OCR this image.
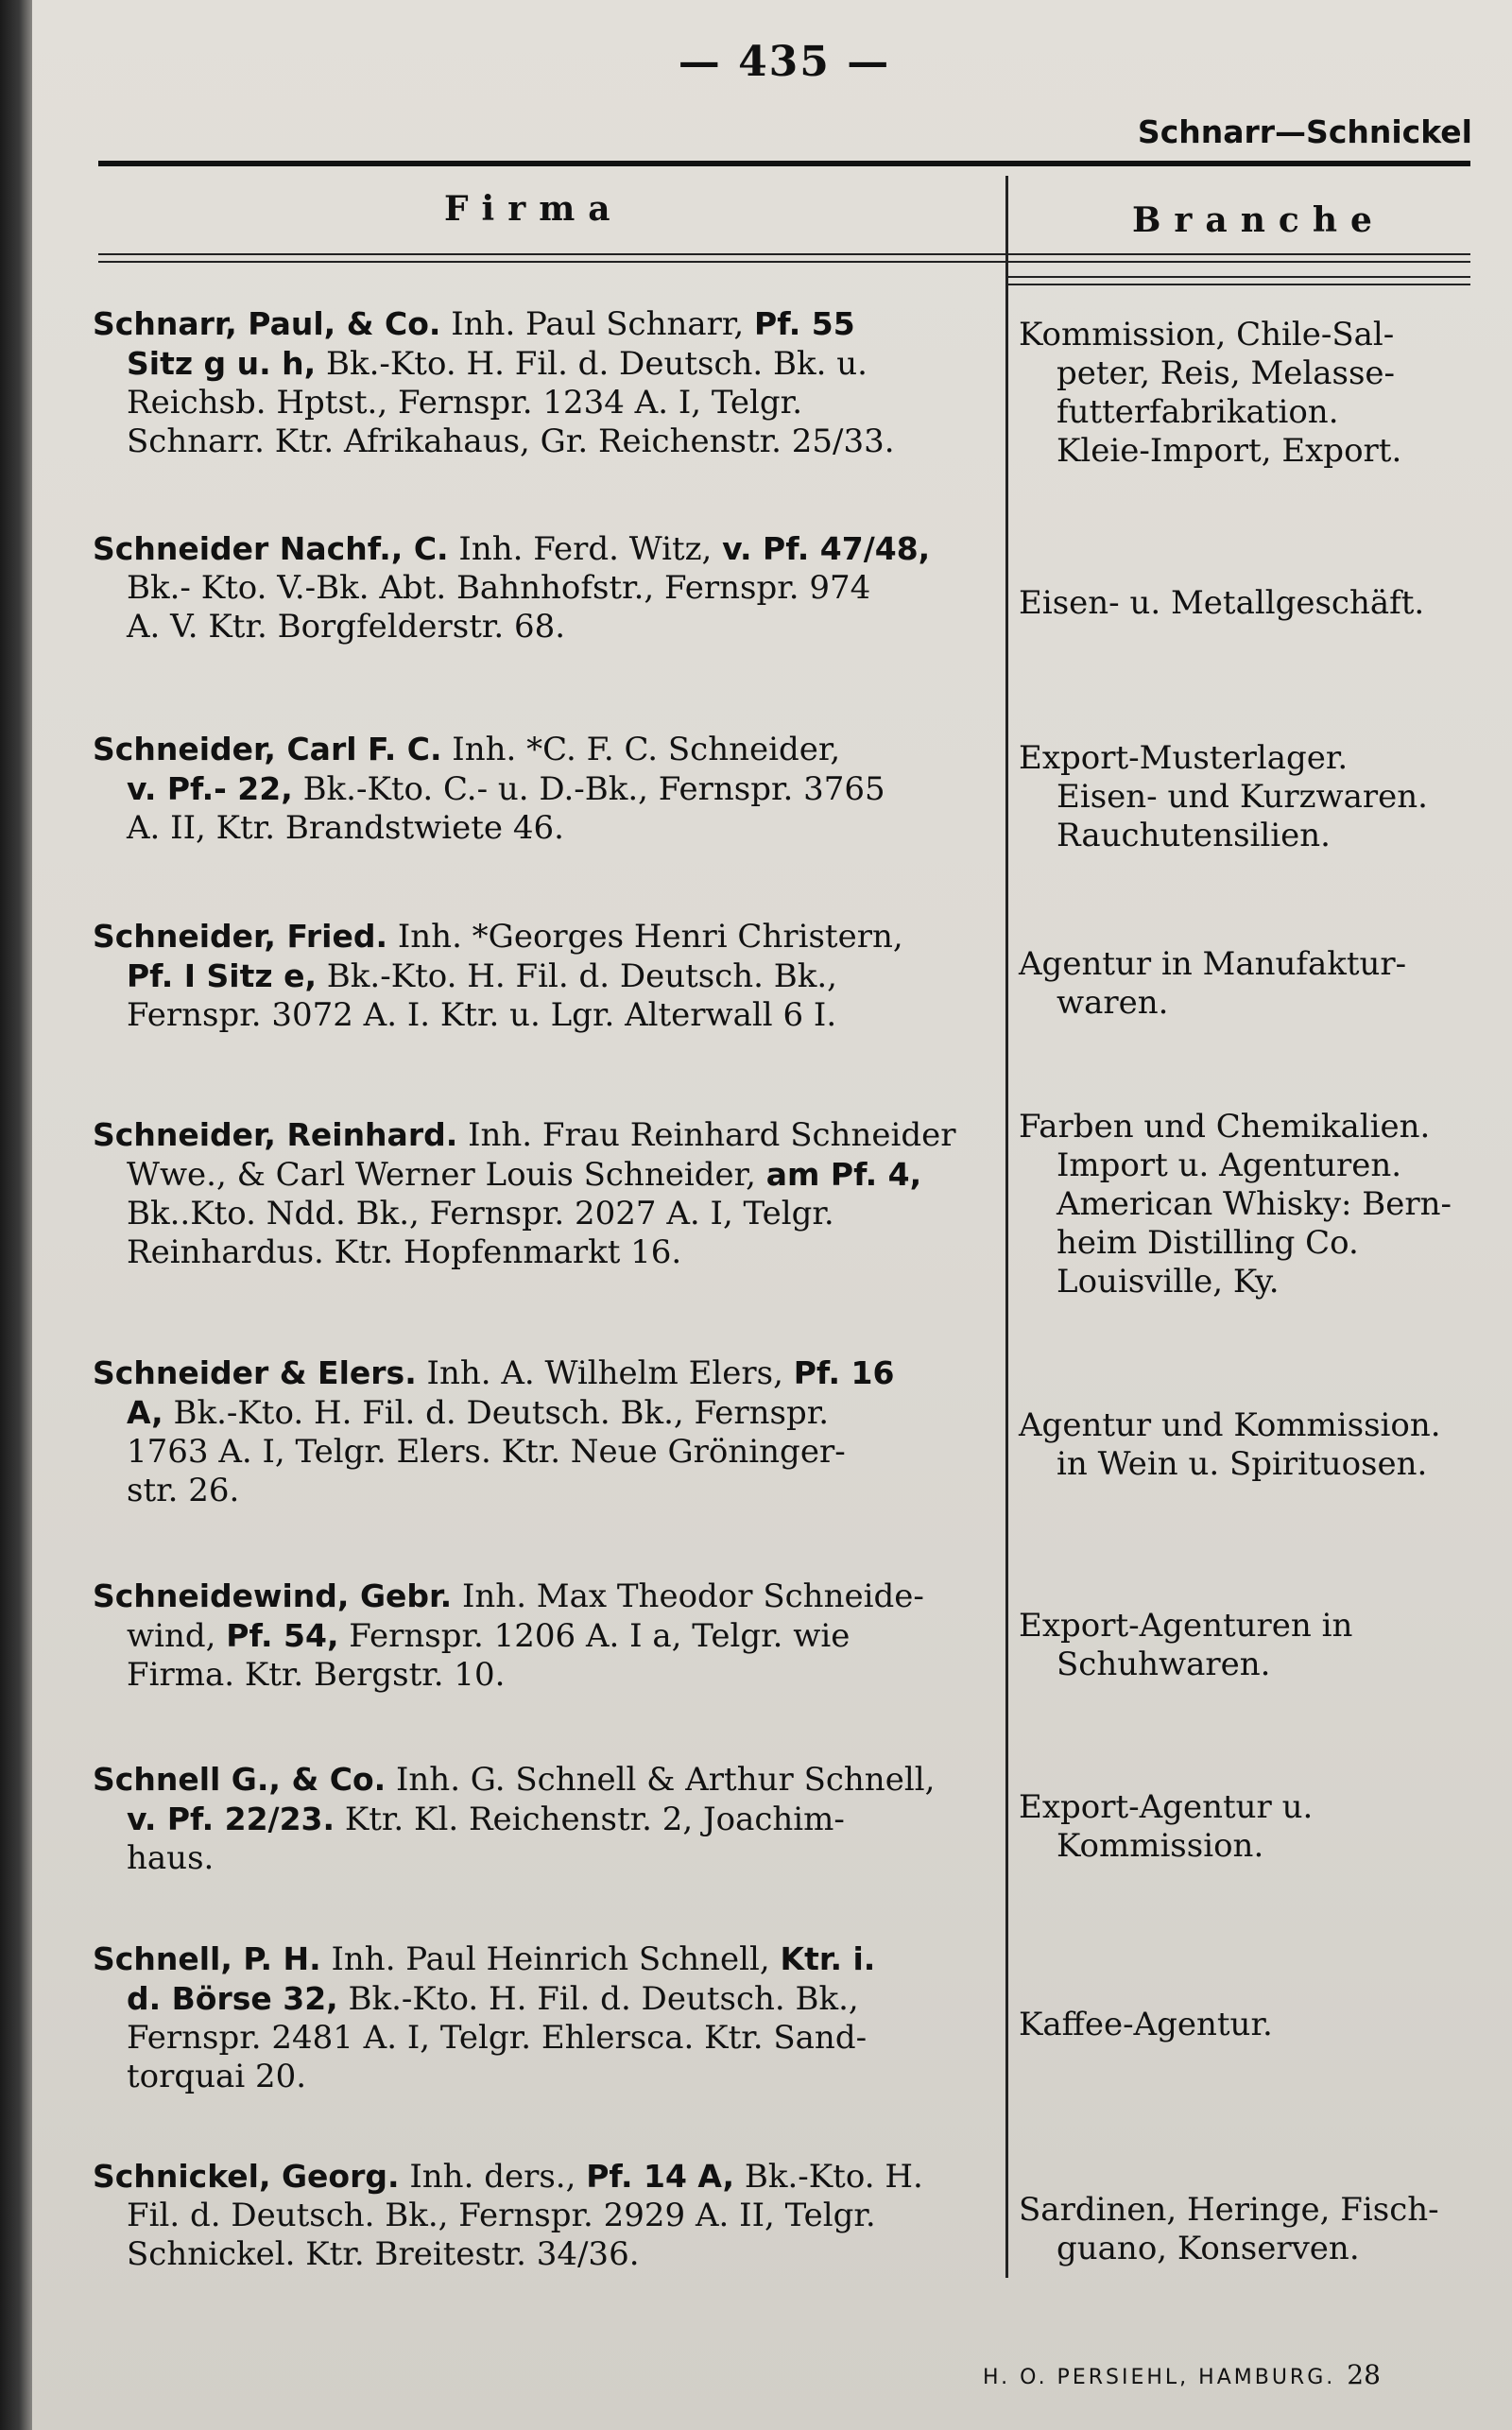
— 435 —
Schnarr—Schnickel
Firma	Branche
Schnarr, Paul, & Co. Inh. Paul Schnarr, Pf. 55
Sitz g u. h, Bk.-Kto. H. Fil. d. Deutsch. Bk. u.
Reichsb. Hptst., Fernspr. 1234 A. I, Telgr.
Schnarr. Ktr. Afrikahaus, Gr. Reichenstr. 25/33.
Kommission, Chile-Sal-
peter, Reis, Melasse-
futterfabrikation.
Kleie-Import, Export.
Schneider Nachf., C. Inh. Ferd. Witz, v. Pf. 47/48,
Bk.- Kto. V.-Bk. Abt. Bahnhofstr., Fernspr. 974
A. V. Ktr. Borgfelderstr. 68.
Eisen- u. Metallgeschäft.
Schneider, Carl F. C. Inh. *C. F. C. Schneider,
v. Pf.- 22, Bk.-Kto. C.- u. D.-Bk., Fernspr. 3765
A. II, Ktr. Brandstwiete 46.
Export-Musterlager.
Eisen- und Kurzwaren.
Rauchutensilien.
Schneider, Fried. Inh. *Georges Henri Christern,
Pf. I Sitz e, Bk.-Kto. H. Fil. d. Deutsch. Bk.,
Fernspr. 3072 A. I. Ktr. u. Lgr. Alterwall 6 I.
Agentur in Manufaktur-
waren.
Schneider, Reinhard. Inh. Frau Reinhard Schneider
Wwe., & Carl Werner Louis Schneider, am Pf. 4,
Bk..Kto. Ndd. Bk., Fernspr. 2027 A. I, Telgr.
Reinhardus. Ktr. Hopfenmarkt 16.
Farben und Chemikalien.
Import u. Agenturen.
American Whisky: Bern-
heim Distilling Co.
Louisville, Ky.
Schneider & Elers. Inh. A. Wilhelm Elers, Pf. 16
A, Bk.-Kto. H. Fil. d. Deutsch. Bk., Fernspr.
1763 A. I, Telgr. Elers. Ktr. Neue Gröninger-
str. 26.
Agentur und Kommission.
in Wein u. Spirituosen.
Schneidewind, Gebr. Inh. Max Theodor Schneide-
wind, Pf. 54, Fernspr. 1206 A. I a, Telgr. wie
Firma. Ktr. Bergstr. 10.
Export-Agenturen in
Schuhwaren.
Schnell G., & Co. Inh. G. Schnell & Arthur Schnell,
v. Pf. 22/23. Ktr. Kl. Reichenstr. 2, Joachim-
haus.
Export-Agentur u.
Kommission.
Schnell, P. H. Inh. Paul Heinrich Schnell, Ktr. i.
d. Börse 32, Bk.-Kto. H. Fil. d. Deutsch. Bk.,
Fernspr. 2481 A. I, Telgr. Ehlersca. Ktr. Sand-
torquai 20.
Kaffee-Agentur.
Schnickel, Georg. Inh. ders., Pf. 14 A, Bk.-Kto. H.
Fil. d. Deutsch. Bk., Fernspr. 2929 A. II, Telgr.
Schnickel. Ktr. Breitestr. 34/36.
Sardinen, Heringe, Fisch-
guano, Konserven.
H. O. PERSIEHL, HAMBURG. 28
